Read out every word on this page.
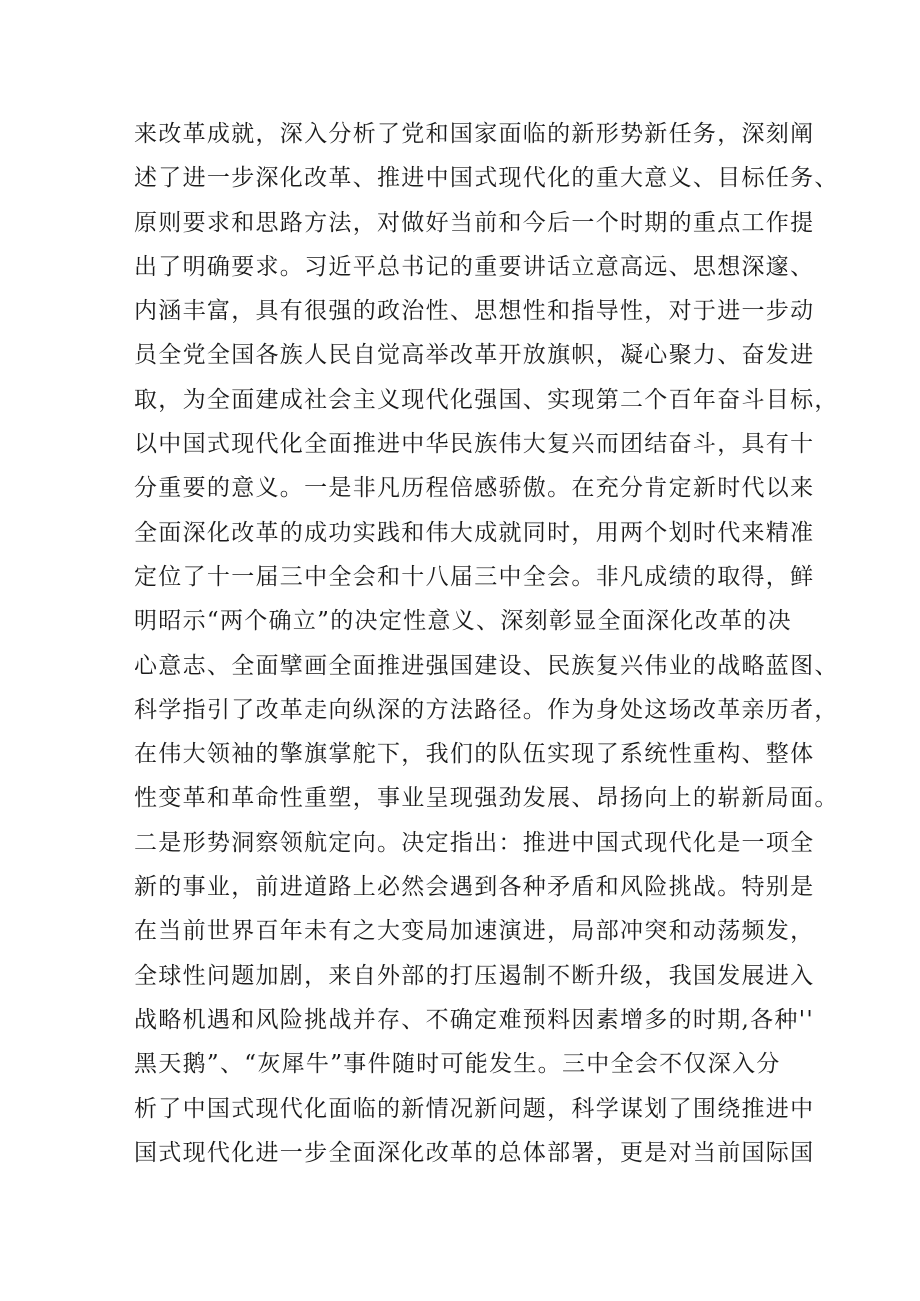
来改革成就，深入分析了党和国家面临的新形势新任务，深刻阐
述了进一步深化改革、推进中国式现代化的重大意义、目标任务、
原则要求和思路方法，对做好当前和今后一个时期的重点工作提
出了明确要求。习近平总书记的重要讲话立意高远、思想深邃、
内涵丰富，具有很强的政治性、思想性和指导性，对于进一步动
员全党全国各族人民自觉高举改革开放旗帜，凝心聚力、奋发进
取，为全面建成社会主义现代化强国、实现第二个百年奋斗目标，
以中国式现代化全面推进中华民族伟大复兴而团结奋斗，具有十
分重要的意义。一是非凡历程倍感骄傲。在充分肯定新时代以来
全面深化改革的成功实践和伟大成就同时，用两个划时代来精准
定位了十一届三中全会和十八届三中全会。非凡成绩的取得，鲜
明昭示“两个确立”的决定性意义、深刻彰显全面深化改革的决
心意志、全面擘画全面推进强国建设、民族复兴伟业的战略蓝图、
科学指引了改革走向纵深的方法路径。作为身处这场改革亲历者，
在伟大领袖的擎旗掌舵下，我们的队伍实现了系统性重构、整体
性变革和革命性重塑，事业呈现强劲发展、昂扬向上的崭新局面。
二是形势洞察领航定向。决定指出：推进中国式现代化是一项全
新的事业，前进道路上必然会遇到各种矛盾和风险挑战。特别是
在当前世界百年未有之大变局加速演进，局部冲突和动荡频发，
全球性问题加剧，来自外部的打压遏制不断升级，我国发展进入
战略机遇和风险挑战并存、不确定难预料因素增多的时期,各种''
黑天鹅”、“灰犀牛”事件随时可能发生。三中全会不仅深入分
析了中国式现代化面临的新情况新问题，科学谋划了围绕推进中
国式现代化进一步全面深化改革的总体部署，更是对当前国际国
